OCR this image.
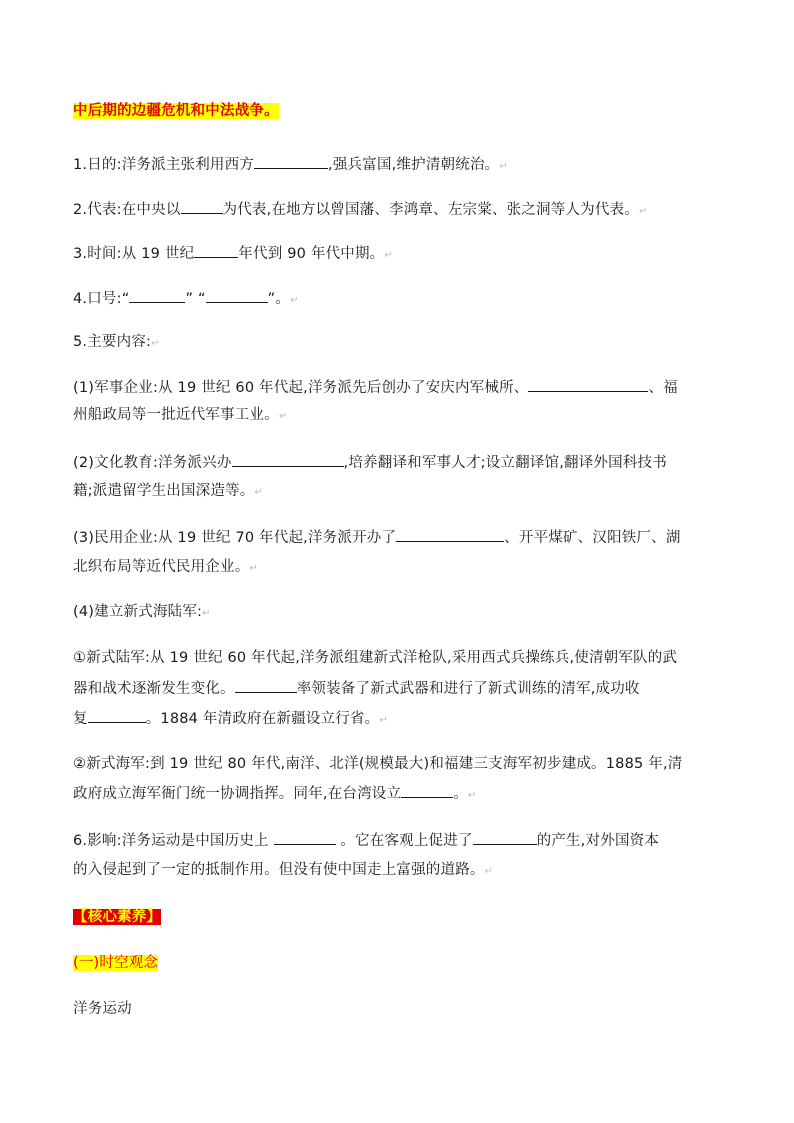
中后期的边疆危机和中法战争。
1.日的:洋务派主张利用西方	,强兵富国,维护清朝统治。↵
2.代表:在中央以	为代表,在地方以曾国藩、李鸿章、左宗棠、张之洞等人为代表。↵
3.时间:从 19 世纪	年代到 90 年代中期。↵
4.口号:“	” “	”。↵
5.主要内容:↵
(1)军事企业:从 19 世纪 60 年代起,洋务派先后创办了安庆内军械所、	、福
州船政局等一批近代军事工业。↵
(2)文化教育:洋务派兴办	,培养翻译和军事人才;设立翻译馆,翻译外国科技书
籍;派遣留学生出国深造等。↵
(3)民用企业:从 19 世纪 70 年代起,洋务派开办了	、开平煤矿、汉阳铁厂、湖
北织布局等近代民用企业。↵
(4)建立新式海陆军:↵
①新式陆军:从 19 世纪 60 年代起,洋务派组建新式洋枪队,采用西式兵操练兵,使清朝军队的武
器和战术逐渐发生变化。	率领装备了新式武器和进行了新式训练的清军,成功收
复	。1884 年清政府在新疆设立行省。↵
②新式海军:到 19 世纪 80 年代,南洋、北洋(规模最大)和福建三支海军初步建成。1885 年,清
政府成立海军衙门统一协调指挥。同年,在台湾设立	。↵
6.影响:洋务运动是中国历史上	。它在客观上促进了	的产生,对外国资本
的入侵起到了一定的抵制作用。但没有使中国走上富强的道路。↵
【核心素养】
(一)时空观念
洋务运动
